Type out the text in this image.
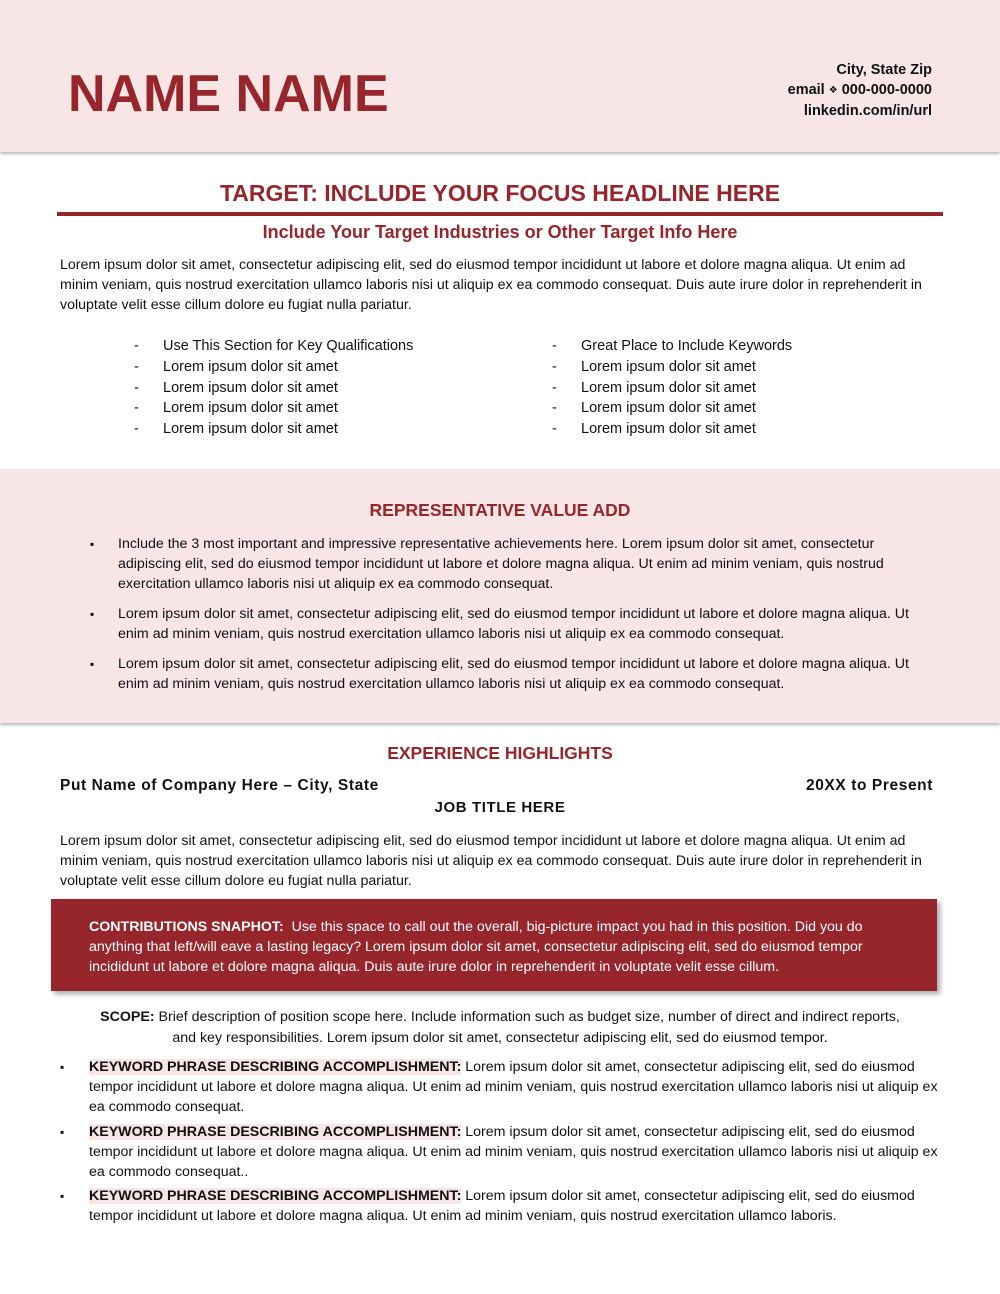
NAME NAME	City, State Zip
email ❖ 000-000-0000
linkedin.com/in/url
TARGET: INCLUDE YOUR FOCUS HEADLINE HERE
Include Your Target Industries or Other Target Info Here

Lorem ipsum dolor sit amet, consectetur adipiscing elit, sed do eiusmod tempor incididunt ut labore et dolore magna aliqua. Ut enim ad minim veniam, quis nostrud exercitation ullamco laboris nisi ut aliquip ex ea commodo consequat. Duis aute irure dolor in reprehenderit in voluptate velit esse cillum dolore eu fugiat nulla pariatur.

- Use This Section for Key Qualifications
- Lorem ipsum dolor sit amet
- Lorem ipsum dolor sit amet
- Lorem ipsum dolor sit amet
- Lorem ipsum dolor sit amet
- Great Place to Include Keywords
- Lorem ipsum dolor sit amet
- Lorem ipsum dolor sit amet
- Lorem ipsum dolor sit amet
- Lorem ipsum dolor sit amet
REPRESENTATIVE VALUE ADD
▪ Include the 3 most important and impressive representative achievements here. Lorem ipsum dolor sit amet, consectetur adipiscing elit, sed do eiusmod tempor incididunt ut labore et dolore magna aliqua. Ut enim ad minim veniam, quis nostrud exercitation ullamco laboris nisi ut aliquip ex ea commodo consequat.
▪ Lorem ipsum dolor sit amet, consectetur adipiscing elit, sed do eiusmod tempor incididunt ut labore et dolore magna aliqua. Ut enim ad minim veniam, quis nostrud exercitation ullamco laboris nisi ut aliquip ex ea commodo consequat.
▪ Lorem ipsum dolor sit amet, consectetur adipiscing elit, sed do eiusmod tempor incididunt ut labore et dolore magna aliqua. Ut enim ad minim veniam, quis nostrud exercitation ullamco laboris nisi ut aliquip ex ea commodo consequat.
EXPERIENCE HIGHLIGHTS
Put Name of Company Here – City, State	20XX to Present
JOB TITLE HERE

Lorem ipsum dolor sit amet, consectetur adipiscing elit, sed do eiusmod tempor incididunt ut labore et dolore magna aliqua. Ut enim ad minim veniam, quis nostrud exercitation ullamco laboris nisi ut aliquip ex ea commodo consequat. Duis aute irure dolor in reprehenderit in voluptate velit esse cillum dolore eu fugiat nulla pariatur.

CONTRIBUTIONS SNAPHOT: Use this space to call out the overall, big-picture impact you had in this position. Did you do anything that left/will eave a lasting legacy? Lorem ipsum dolor sit amet, consectetur adipiscing elit, sed do eiusmod tempor incididunt ut labore et dolore magna aliqua. Duis aute irure dolor in reprehenderit in voluptate velit esse cillum.

SCOPE: Brief description of position scope here. Include information such as budget size, number of direct and indirect reports, and key responsibilities. Lorem ipsum dolor sit amet, consectetur adipiscing elit, sed do eiusmod tempor.

▪ KEYWORD PHRASE DESCRIBING ACCOMPLISHMENT: Lorem ipsum dolor sit amet, consectetur adipiscing elit, sed do eiusmod tempor incididunt ut labore et dolore magna aliqua. Ut enim ad minim veniam, quis nostrud exercitation ullamco laboris nisi ut aliquip ex ea commodo consequat.
▪ KEYWORD PHRASE DESCRIBING ACCOMPLISHMENT: Lorem ipsum dolor sit amet, consectetur adipiscing elit, sed do eiusmod tempor incididunt ut labore et dolore magna aliqua. Ut enim ad minim veniam, quis nostrud exercitation ullamco laboris nisi ut aliquip ex ea commodo consequat..
▪ KEYWORD PHRASE DESCRIBING ACCOMPLISHMENT: Lorem ipsum dolor sit amet, consectetur adipiscing elit, sed do eiusmod tempor incididunt ut labore et dolore magna aliqua. Ut enim ad minim veniam, quis nostrud exercitation ullamco laboris.
